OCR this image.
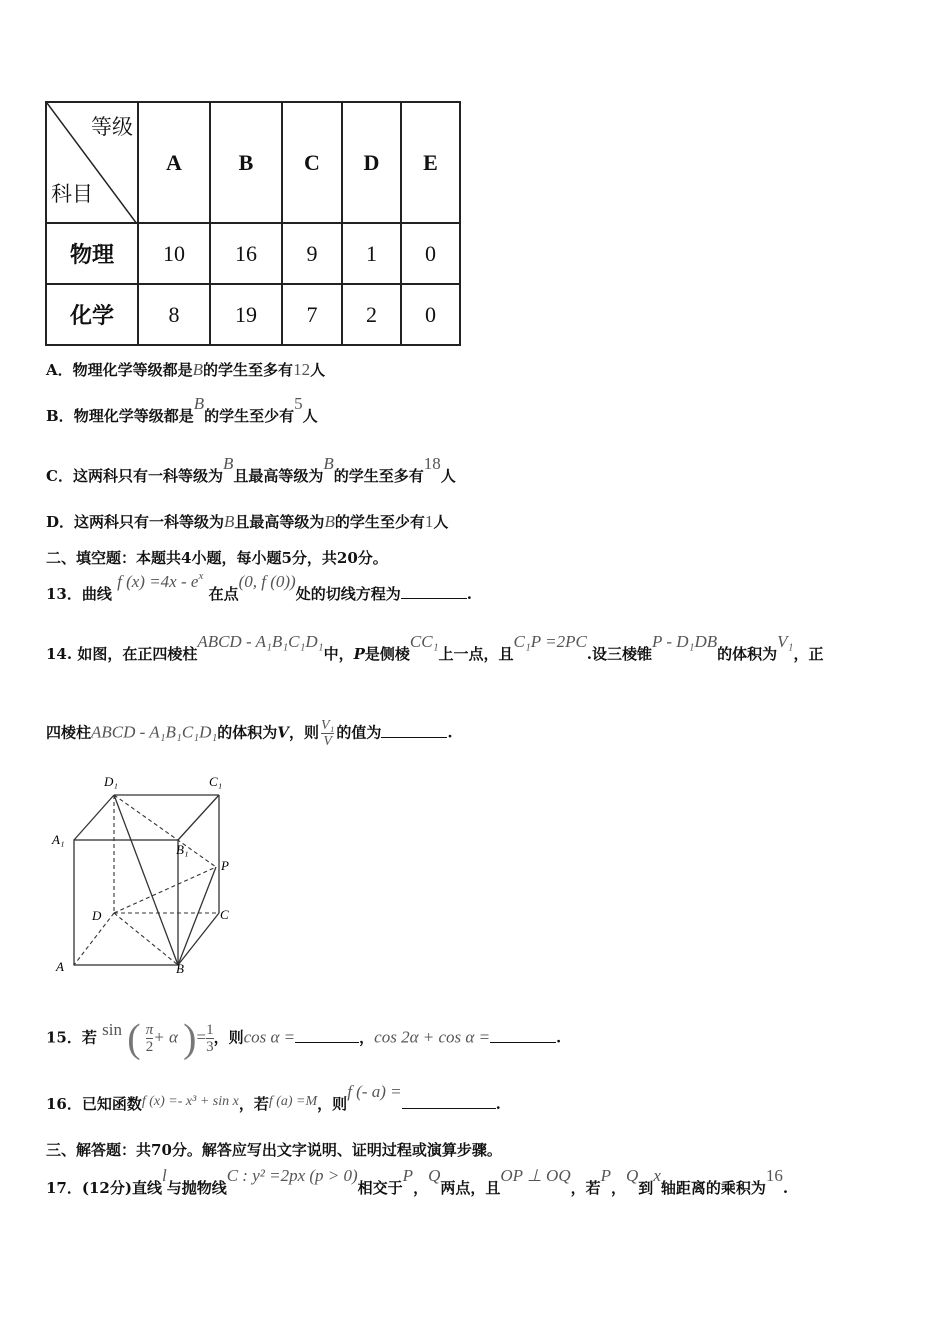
等级
科目	A	B	C	D	E
物理	10	16	9	1	0
化学	8	19	7	2	0
A．物理化学等级都是B的学生至多有12人
B．物理化学等级都是B的学生至少有5人
C．这两科只有一科等级为B且最高等级为B的学生至多有18人
D．这两科只有一科等级为B且最高等级为B的学生至少有1人
二、填空题：本题共4小题，每小题5分，共20分。
13．曲线 f $(x) =4x - e^x$ 在点(0, f (0))处的切线方程为	.
14. 如图，在正四棱柱ABCD - A₁B₁C₁D₁中，P是侧棱CC₁上一点，且C₁P =2PC.设三棱锥P - D₁DB的体积为V₁，正
四棱柱ABCD - A₁B₁C₁D₁的体积为V，则 $\frac{\text{V₁}}{V}$ 的值为	.
D₁	C₁
A₁
B₁
P
D	C
A	B
15．若 sin ( $\frac{\pi}{2} + \alpha$ )= $\frac{1}{3}$ ，则cos α =	，cos 2α + cos α =	.
16．已知函数f (x) =- x³ + sin x，若f (a) =M，则f (- a) =.
三、解答题：共70分。解答应写出文字说明、证明过程或演算步骤。
17．(12分)直线l与抛物线C : y² =2px (p > 0)相交于P，Q两点，且OP ⊥ OQ，若P，Q到x轴距离的乘积为16.
